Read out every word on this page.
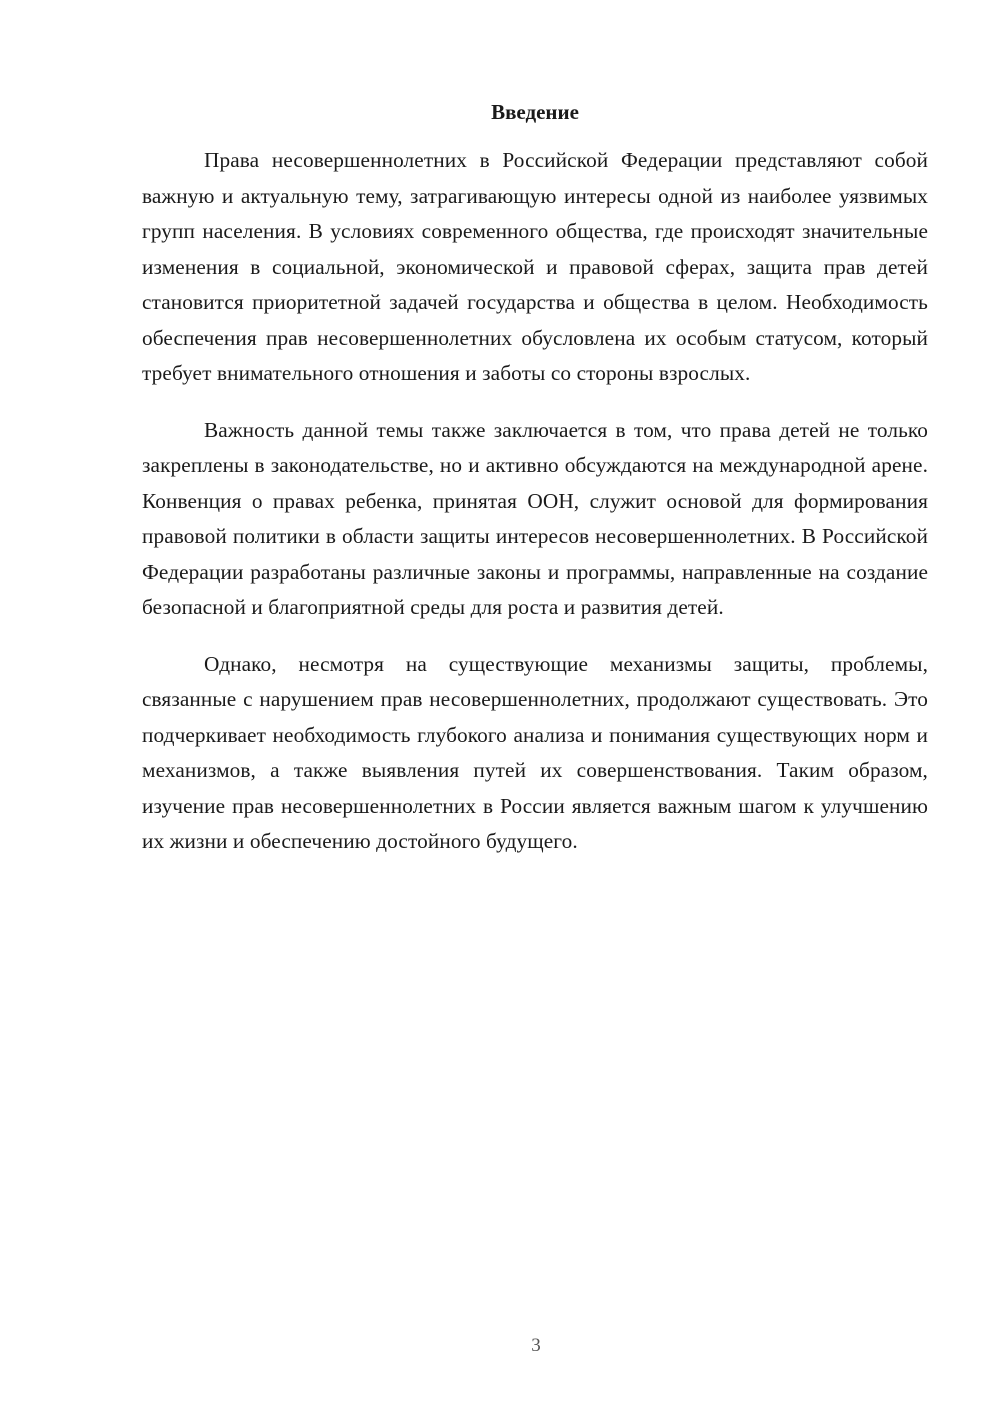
Введение

Права несовершеннолетних в Российской Федерации представляют собой важную и актуальную тему, затрагивающую интересы одной из наиболее уязвимых групп населения. В условиях современного общества, где происходят значительные изменения в социальной, экономической и правовой сферах, защита прав детей становится приоритетной задачей государства и общества в целом. Необходимость обеспечения прав несовершеннолетних обусловлена их особым статусом, который требует внимательного отношения и заботы со стороны взрослых.

Важность данной темы также заключается в том, что права детей не только закреплены в законодательстве, но и активно обсуждаются на международной арене. Конвенция о правах ребенка, принятая ООН, служит основой для формирования правовой политики в области защиты интересов несовершеннолетних. В Российской Федерации разработаны различные законы и программы, направленные на создание безопасной и благоприятной среды для роста и развития детей.

Однако, несмотря на существующие механизмы защиты, проблемы, связанные с нарушением прав несовершеннолетних, продолжают существовать. Это подчеркивает необходимость глубокого анализа и понимания существующих норм и механизмов, а также выявления путей их совершенствования. Таким образом, изучение прав несовершеннолетних в России является важным шагом к улучшению их жизни и обеспечению достойного будущего.

3
